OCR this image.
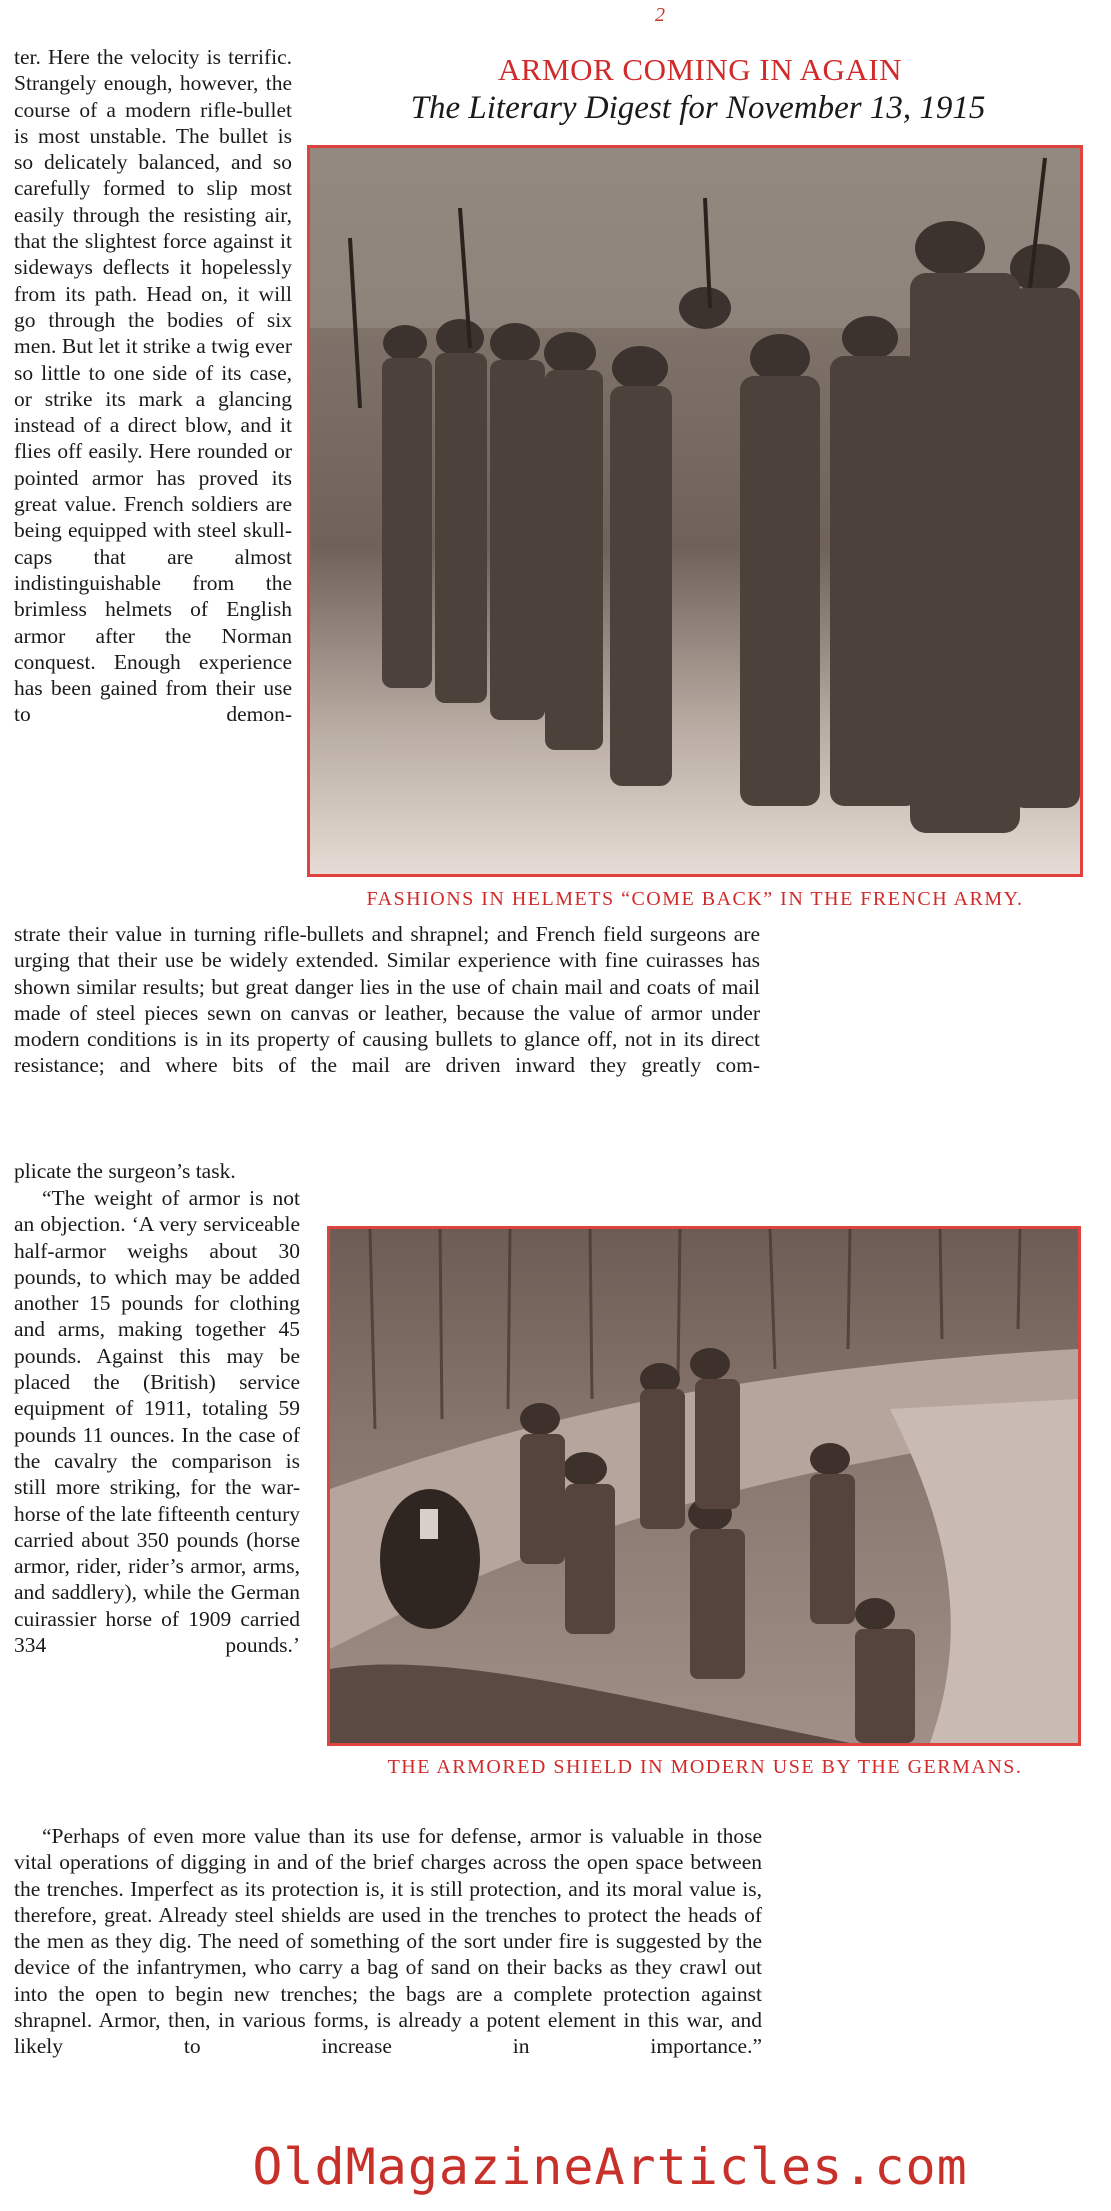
2
ARMOR COMING IN AGAIN
The Literary Digest for November 13, 1915

ter. Here the velocity is terrific. Strangely enough, however, the course of a modern rifle-bullet is most unstable. The bullet is so delicately balanced, and so carefully formed to slip most easily through the resisting air, that the slightest force against it sideways deflects it hopelessly from its path. Head on, it will go through the bodies of six men. But let it strike a twig ever so little to one side of its case, or strike its mark a glancing instead of a direct blow, and it flies off easily. Here rounded or pointed armor has proved its great value. French soldiers are being equipped with steel skull-caps that are almost indistinguishable from the brimless helmets of English armor after the Norman conquest. Enough experience has been gained from their use to demon-

FASHIONS IN HELMETS “COME BACK” IN THE FRENCH ARMY.

strate their value in turning rifle-bullets and shrapnel; and French field surgeons are urging that their use be widely extended. Similar experience with fine cuirasses has shown similar results; but great danger lies in the use of chain mail and coats of mail made of steel pieces sewn on canvas or leather, because the value of armor under modern conditions is in its property of causing bullets to glance off, not in its direct resistance; and where bits of the mail are driven inward they greatly com-

plicate the surgeon’s task.

“The weight of armor is not an objection. ‘A very serviceable half-armor weighs about 30 pounds, to which may be added another 15 pounds for clothing and arms, making together 45 pounds. Against this may be placed the (British) service equipment of 1911, totaling 59 pounds 11 ounces. In the case of the cavalry the comparison is still more striking, for the war-horse of the late fifteenth century carried about 350 pounds (horse armor, rider, rider’s armor, arms, and saddlery), while the German cuirassier horse of 1909 carried 334 pounds.’

THE ARMORED SHIELD IN MODERN USE BY THE GERMANS.

“Perhaps of even more value than its use for defense, armor is valuable in those vital operations of digging in and of the brief charges across the open space between the trenches. Imperfect as its protection is, it is still protection, and its moral value is, therefore, great. Already steel shields are used in the trenches to protect the heads of the men as they dig. The need of something of the sort under fire is suggested by the device of the infantrymen, who carry a bag of sand on their backs as they crawl out into the open to begin new trenches; the bags are a complete protection against shrapnel. Armor, then, in various forms, is already a potent element in this war, and likely to increase in importance.”

OldMagazineArticles.com
